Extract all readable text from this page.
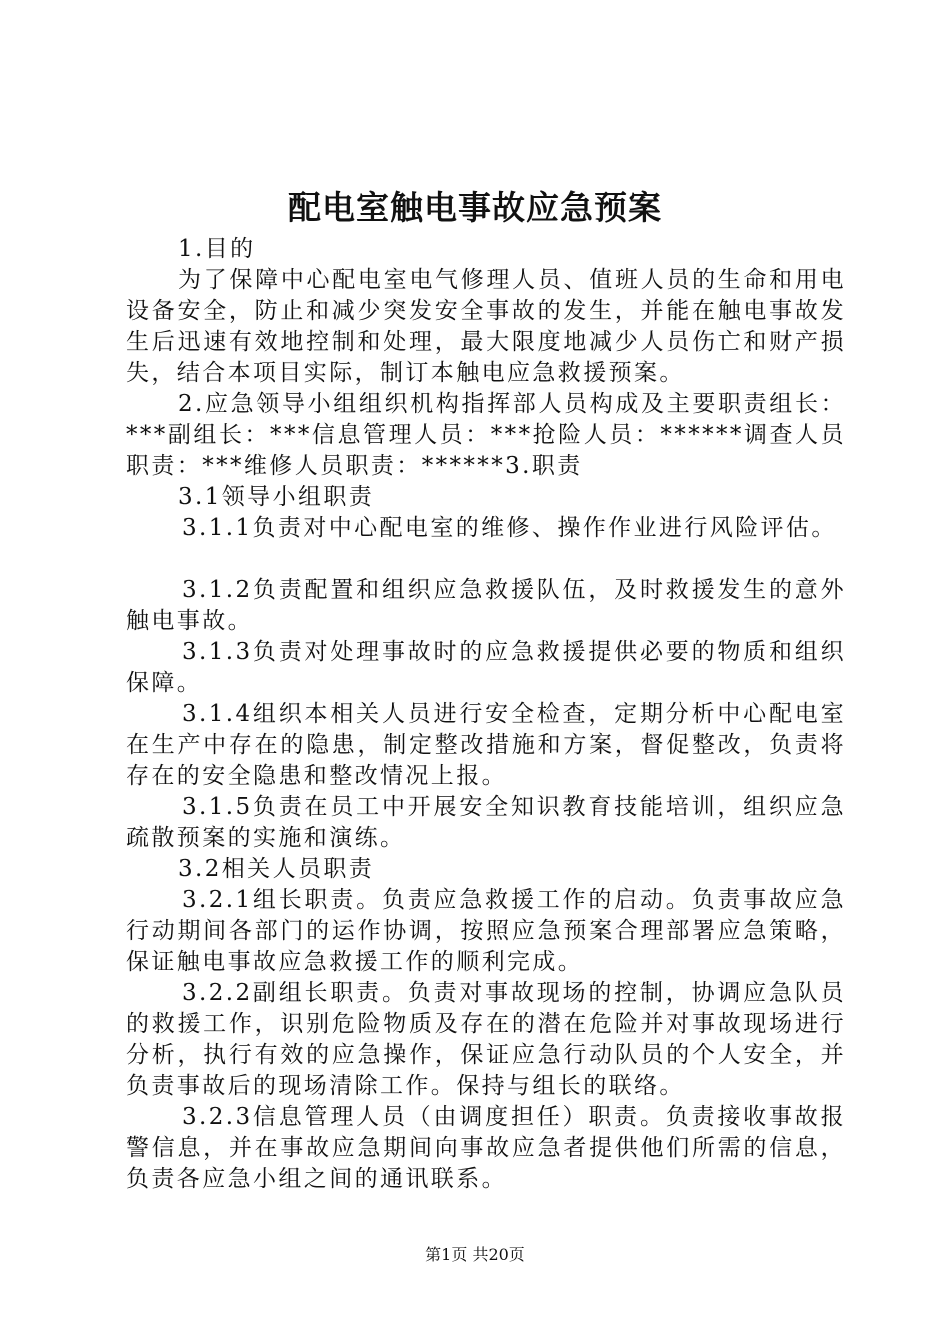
配电室触电事故应急预案

1.目的

为了保障中心配电室电气修理人员、值班人员的生命和用电设备安全，防止和减少突发安全事故的发生，并能在触电事故发生后迅速有效地控制和处理，最大限度地减少人员伤亡和财产损失，结合本项目实际，制订本触电应急救援预案。

2.应急领导小组组织机构指挥部人员构成及主要职责组长：***副组长：***信息管理人员：***抢险人员：******调查人员职责：***维修人员职责：******3.职责

3.1领导小组职责

3.1.1负责对中心配电室的维修、操作作业进行风险评估。

3.1.2负责配置和组织应急救援队伍，及时救援发生的意外触电事故。

3.1.3负责对处理事故时的应急救援提供必要的物质和组织保障。

3.1.4组织本相关人员进行安全检查，定期分析中心配电室在生产中存在的隐患，制定整改措施和方案，督促整改，负责将存在的安全隐患和整改情况上报。

3.1.5负责在员工中开展安全知识教育技能培训，组织应急疏散预案的实施和演练。

3.2相关人员职责

3.2.1组长职责。负责应急救援工作的启动。负责事故应急行动期间各部门的运作协调，按照应急预案合理部署应急策略，保证触电事故应急救援工作的顺利完成。

3.2.2副组长职责。负责对事故现场的控制，协调应急队员的救援工作，识别危险物质及存在的潜在危险并对事故现场进行分析，执行有效的应急操作，保证应急行动队员的个人安全，并负责事故后的现场清除工作。保持与组长的联络。

3.2.3信息管理人员（由调度担任）职责。负责接收事故报警信息，并在事故应急期间向事故应急者提供他们所需的信息，负责各应急小组之间的通讯联系。

第1页 共20页
